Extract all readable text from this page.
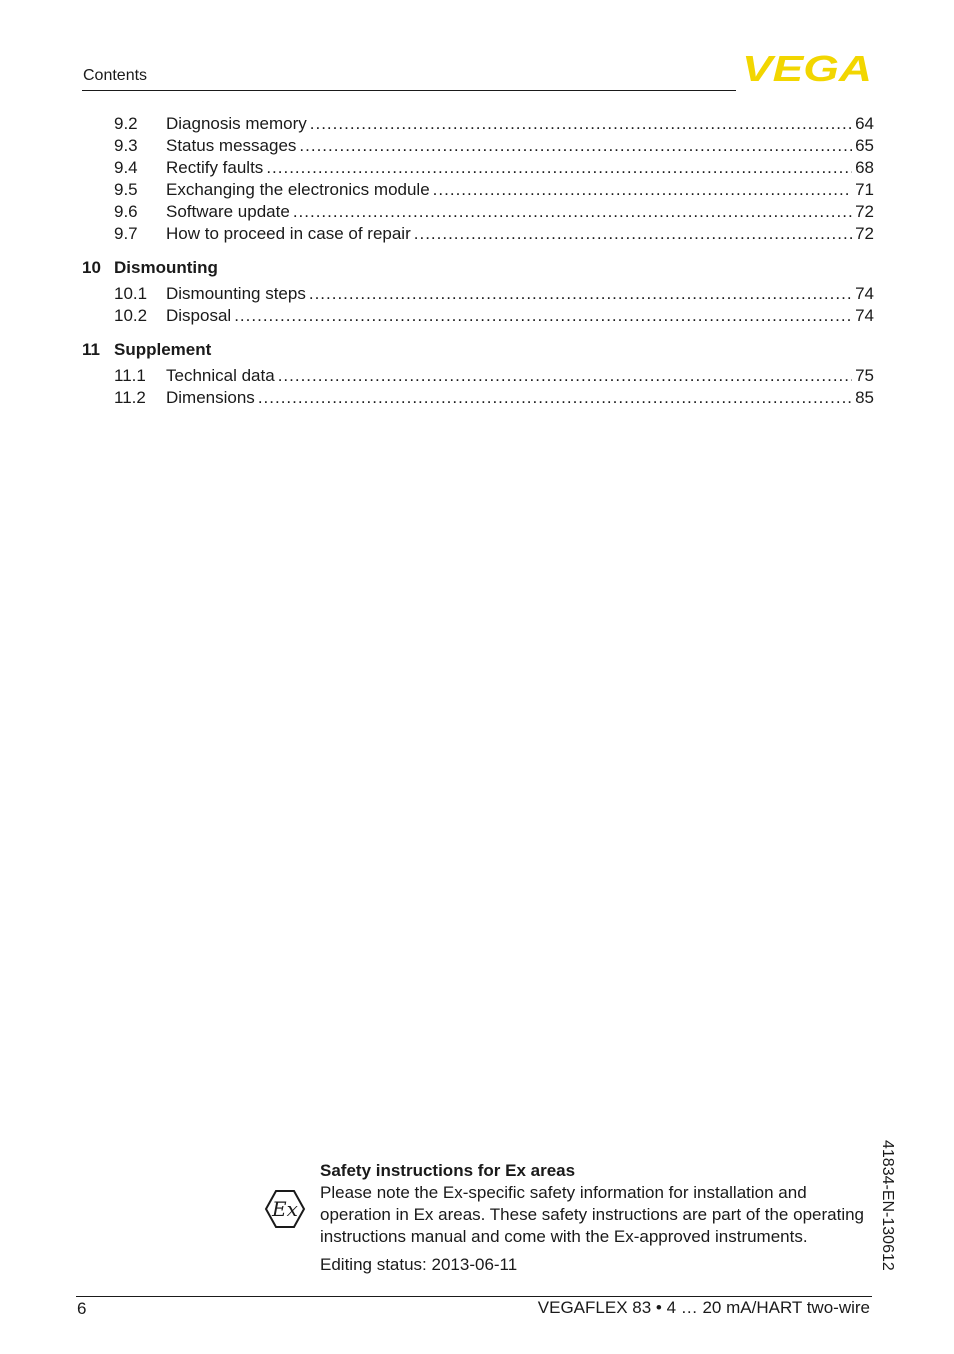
Contents	VEGA
9.2	Diagnosis memory .....	64
9.3	Status messages .....	65
9.4	Rectify faults .....	68
9.5	Exchanging the electronics module .....	71
9.6	Software update .....	72
9.7	How to proceed in case of repair .....	72
10 Dismounting
10.1	Dismounting steps .....	74
10.2	Disposal .....	74
11 Supplement
11.1	Technical data .....	75
11.2	Dimensions .....	85
Ex
Safety instructions for Ex areas
Please note the Ex-specific safety information for installation and operation in Ex areas. These safety instructions are part of the operating instructions manual and come with the Ex-approved instruments.
Editing status: 2013-06-11	41834-EN-130612
6	VEGAFLEX 83 • 4 … 20 mA/HART two-wire
